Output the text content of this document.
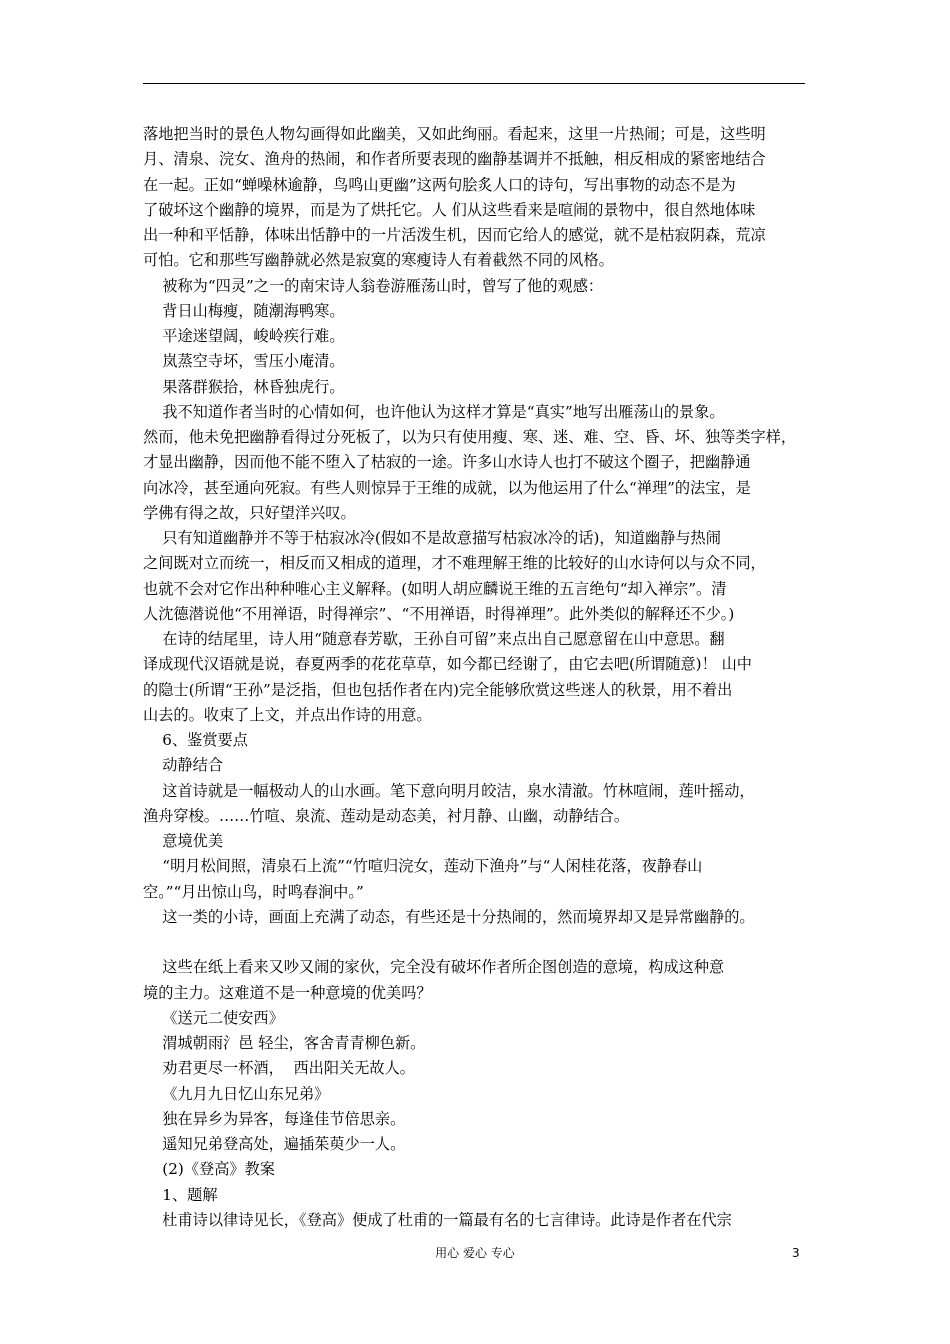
落地把当时的景色人物勾画得如此幽美，又如此绚丽。看起来，这里一片热闹；可是，这些明
月、清泉、浣女、渔舟的热闹，和作者所要表现的幽静基调并不抵触，相反相成的紧密地结合
在一起。正如“蝉噪林逾静，鸟鸣山更幽”这两句脍炙人口的诗句，写出事物的动态不是为
了破坏这个幽静的境界，而是为了烘托它。人 们从这些看来是喧闹的景物中，很自然地体味
出一种和平恬静，体味出恬静中的一片活泼生机，因而它给人的感觉，就不是枯寂阴森，荒凉
可怕。它和那些写幽静就必然是寂寞的寒瘦诗人有着截然不同的风格。
被称为“四灵”之一的南宋诗人翁卷游雁荡山时，曾写了他的观感：
背日山梅瘦，随潮海鸭寒。
平途迷望阔，峻岭疾行难。
岚蒸空寺坏，雪压小庵清。
果落群猴拾，林昏独虎行。
我不知道作者当时的心情如何，也许他认为这样才算是“真实”地写出雁荡山的景象。
然而，他未免把幽静看得过分死板了，以为只有使用瘦、寒、迷、难、空、昏、坏、独等类字样，
才显出幽静，因而他不能不堕入了枯寂的一途。许多山水诗人也打不破这个圈子，把幽静通
向冰冷，甚至通向死寂。有些人则惊异于王维的成就，以为他运用了什么“禅理”的法宝，是
学佛有得之故，只好望洋兴叹。
只有知道幽静并不等于枯寂冰冷(假如不是故意描写枯寂冰冷的话)，知道幽静与热闹
之间既对立而统一，相反而又相成的道理，才不难理解王维的比较好的山水诗何以与众不同，
也就不会对它作出种种唯心主义解释。(如明人胡应麟说王维的五言绝句“却入禅宗”。清
人沈德潜说他“不用禅语，时得禅宗”、“不用禅语，时得禅理”。此外类似的解释还不少。)
在诗的结尾里，诗人用“随意春芳歇，王孙自可留”来点出自己愿意留在山中意思。翻
译成现代汉语就是说，春夏两季的花花草草，如今都已经谢了，由它去吧(所谓随意)！ 山中
的隐士(所谓“王孙”是泛指，但也包括作者在内)完全能够欣赏这些迷人的秋景，用不着出
山去的。收束了上文，并点出作诗的用意。
6、鉴赏要点
动静结合
这首诗就是一幅极动人的山水画。笔下意向明月皎洁，泉水清澈。竹林喧闹，莲叶摇动，
渔舟穿梭。……竹喧、泉流、莲动是动态美，衬月静、山幽，动静结合。
意境优美
“明月松间照，清泉石上流”“竹喧归浣女，莲动下渔舟”与“人闲桂花落，夜静春山
空。”“月出惊山鸟，时鸣春涧中。”
这一类的小诗，画面上充满了动态，有些还是十分热闹的，然而境界却又是异常幽静的。
这些在纸上看来又吵又闹的家伙，完全没有破坏作者所企图创造的意境，构成这种意
境的主力。这难道不是一种意境的优美吗？
《送元二使安西》
渭城朝雨氵邑 轻尘，客舍青青柳色新。
劝君更尽一杯酒，  西出阳关无故人。
《九月九日忆山东兄弟》
独在异乡为异客，每逢佳节倍思亲。
遥知兄弟登高处，遍插茱萸少一人。
(2)《登高》教案
1、题解
杜甫诗以律诗见长，《登高》便成了杜甫的一篇最有名的七言律诗。此诗是作者在代宗
用心 爱心 专心	3
